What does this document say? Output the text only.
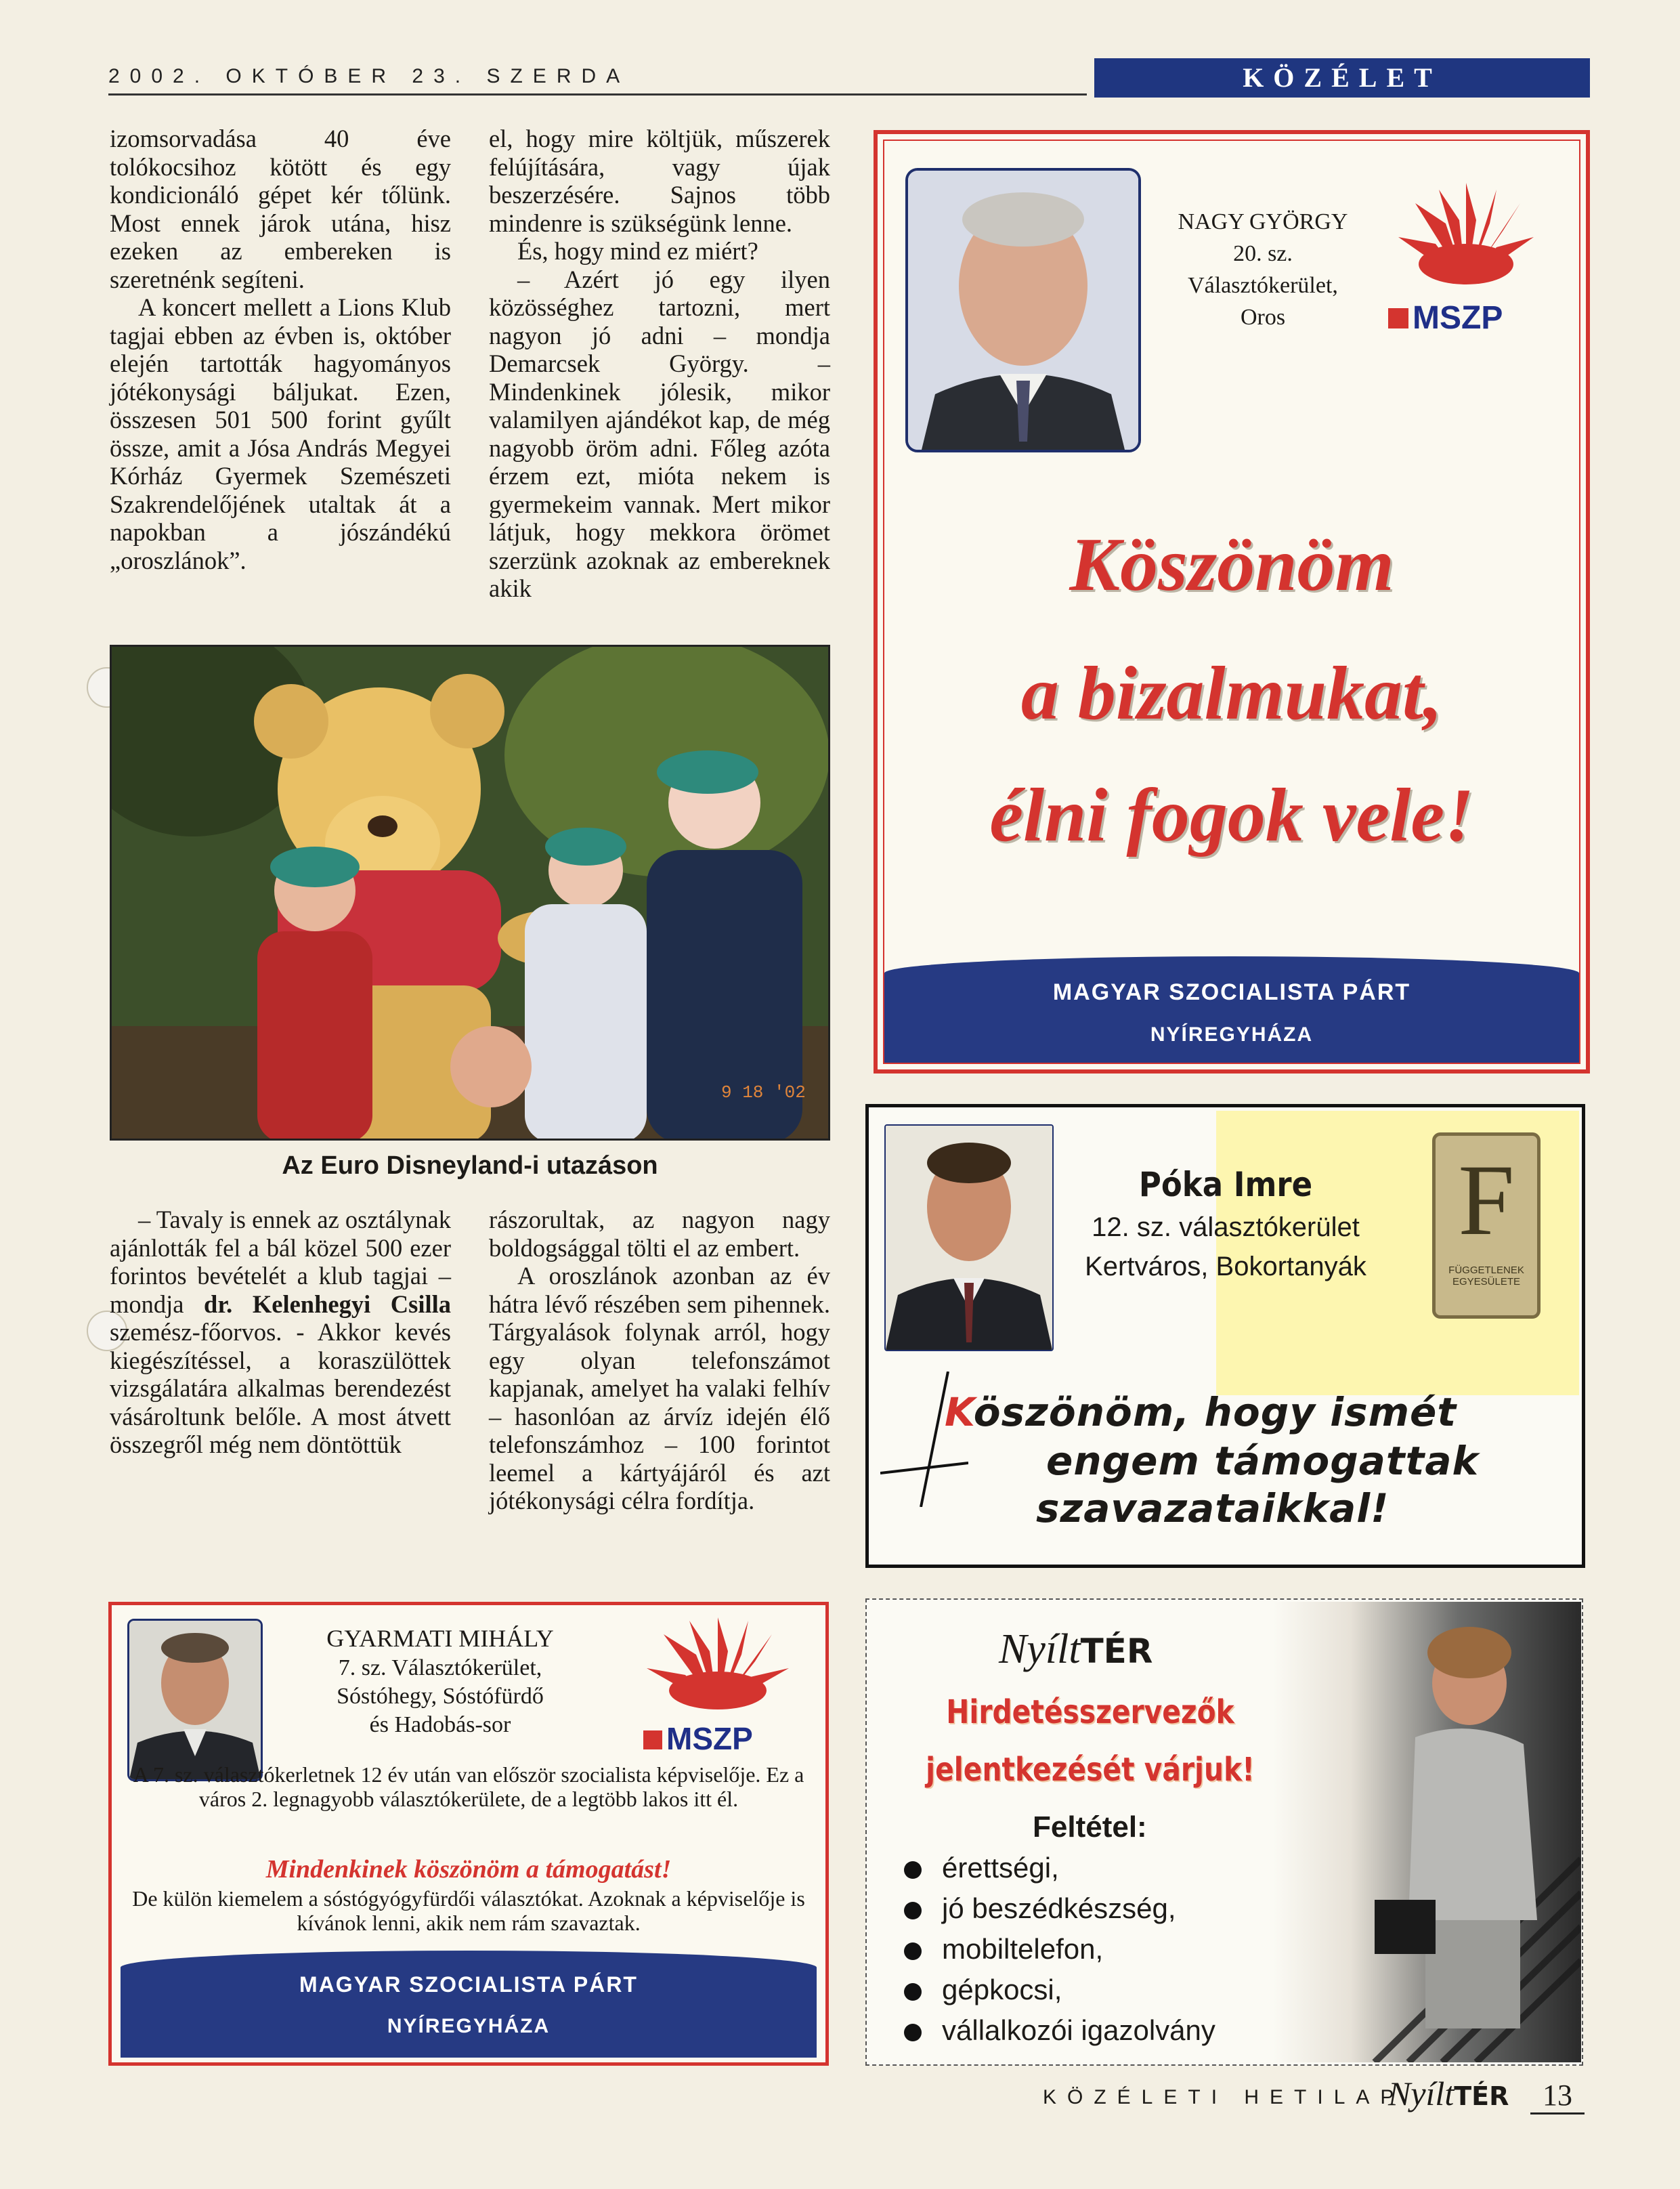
2002. OKTÓBER 23. SZERDA	KÖZÉLET

izomsorvadása 40 éve tolókocsihoz kötött és egy kondicionáló gépet kér tőlünk. Most ennek járok utána, hisz ezeken az embereken is szeretnénk segíteni.

A koncert mellett a Lions Klub tagjai ebben az évben is, október elején tartották hagyományos jótékonysági báljukat. Ezen, összesen 501 500 forint gyűlt össze, amit a Jósa András Megyei Kórház Gyermek Szemészeti Szakrendelőjének utaltak át a napokban a jószándékú „oroszlánok”.

el, hogy mire költjük, műszerek felújítására, vagy újak beszerzésére. Sajnos több mindenre is szükségünk lenne.

És, hogy mind ez miért?

– Azért jó egy ilyen közösséghez tartozni, mert nagyon jó adni – mondja Demarcsek György. – Mindenkinek jólesik, mikor valamilyen ajándékot kap, de még nagyobb öröm adni. Főleg azóta érzem ezt, mióta nekem is gyermekeim vannak. Mert mikor látjuk, hogy mekkora örömet szerzünk azoknak az embereknek akik

9 18 '02
Az Euro Disneyland-i utazáson

– Tavaly is ennek az osztálynak ajánlották fel a bál közel 500 ezer forintos bevételét a klub tagjai – mondja dr. Kelenhegyi Csilla szemész-főorvos. - Akkor kevés kiegészítéssel, a koraszülöttek vizsgálatára alkalmas berendezést vásároltunk belőle. A most átvett összegről még nem döntöttük

rászorultak, az nagyon nagy boldogsággal tölti el az embert.

A oroszlánok azonban az év hátra lévő részében sem pihennek. Tárgyalások folynak arról, hogy egy olyan telefonszámot kapjanak, amelyet ha valaki felhív – hasonlóan az árvíz idején élő telefonszámhoz – 100 forintot leemel a kártyájáról és azt jótékonysági célra fordítja.

NAGY GYÖRGY
20. sz.
Választókerület,
Oros	MSZP
Köszönöm
a bizalmukat,
élni fogok vele!
MAGYAR SZOCIALISTA PÁRT
NYÍREGYHÁZA
Póka Imre
12. sz. választókerület
Kertváros, Bokortanyák
F
FÜGGETLENEK
EGYESÜLETE
Köszönöm, hogy ismét
engem támogattak
szavazataikkal!
GYARMATI MIHÁLY
7. sz. Választókerület,
Sóstóhegy, Sóstófürdő
és Hadobás-sor	MSZP
A 7. sz. választókerletnek 12 év után van először szocialista képviselője. Ez a város 2. legnagyobb választókerülete, de a legtöbb lakos itt él.
Mindenkinek köszönöm a támogatást!
De külön kiemelem a sóstógyógyfürdői választókat. Azoknak a képviselője is kívánok lenni, akik nem rám szavaztak.
MAGYAR SZOCIALISTA PÁRT
NYÍREGYHÁZA
NyíltTÉR
Hirdetésszervezők
jelentkezését várjuk!
Feltétel:
érettségi,
jó beszédkészség,
mobiltelefon,
gépkocsi,
vállalkozói igazolvány
KÖZÉLETI HETILAP
NyíltTÉR	13
